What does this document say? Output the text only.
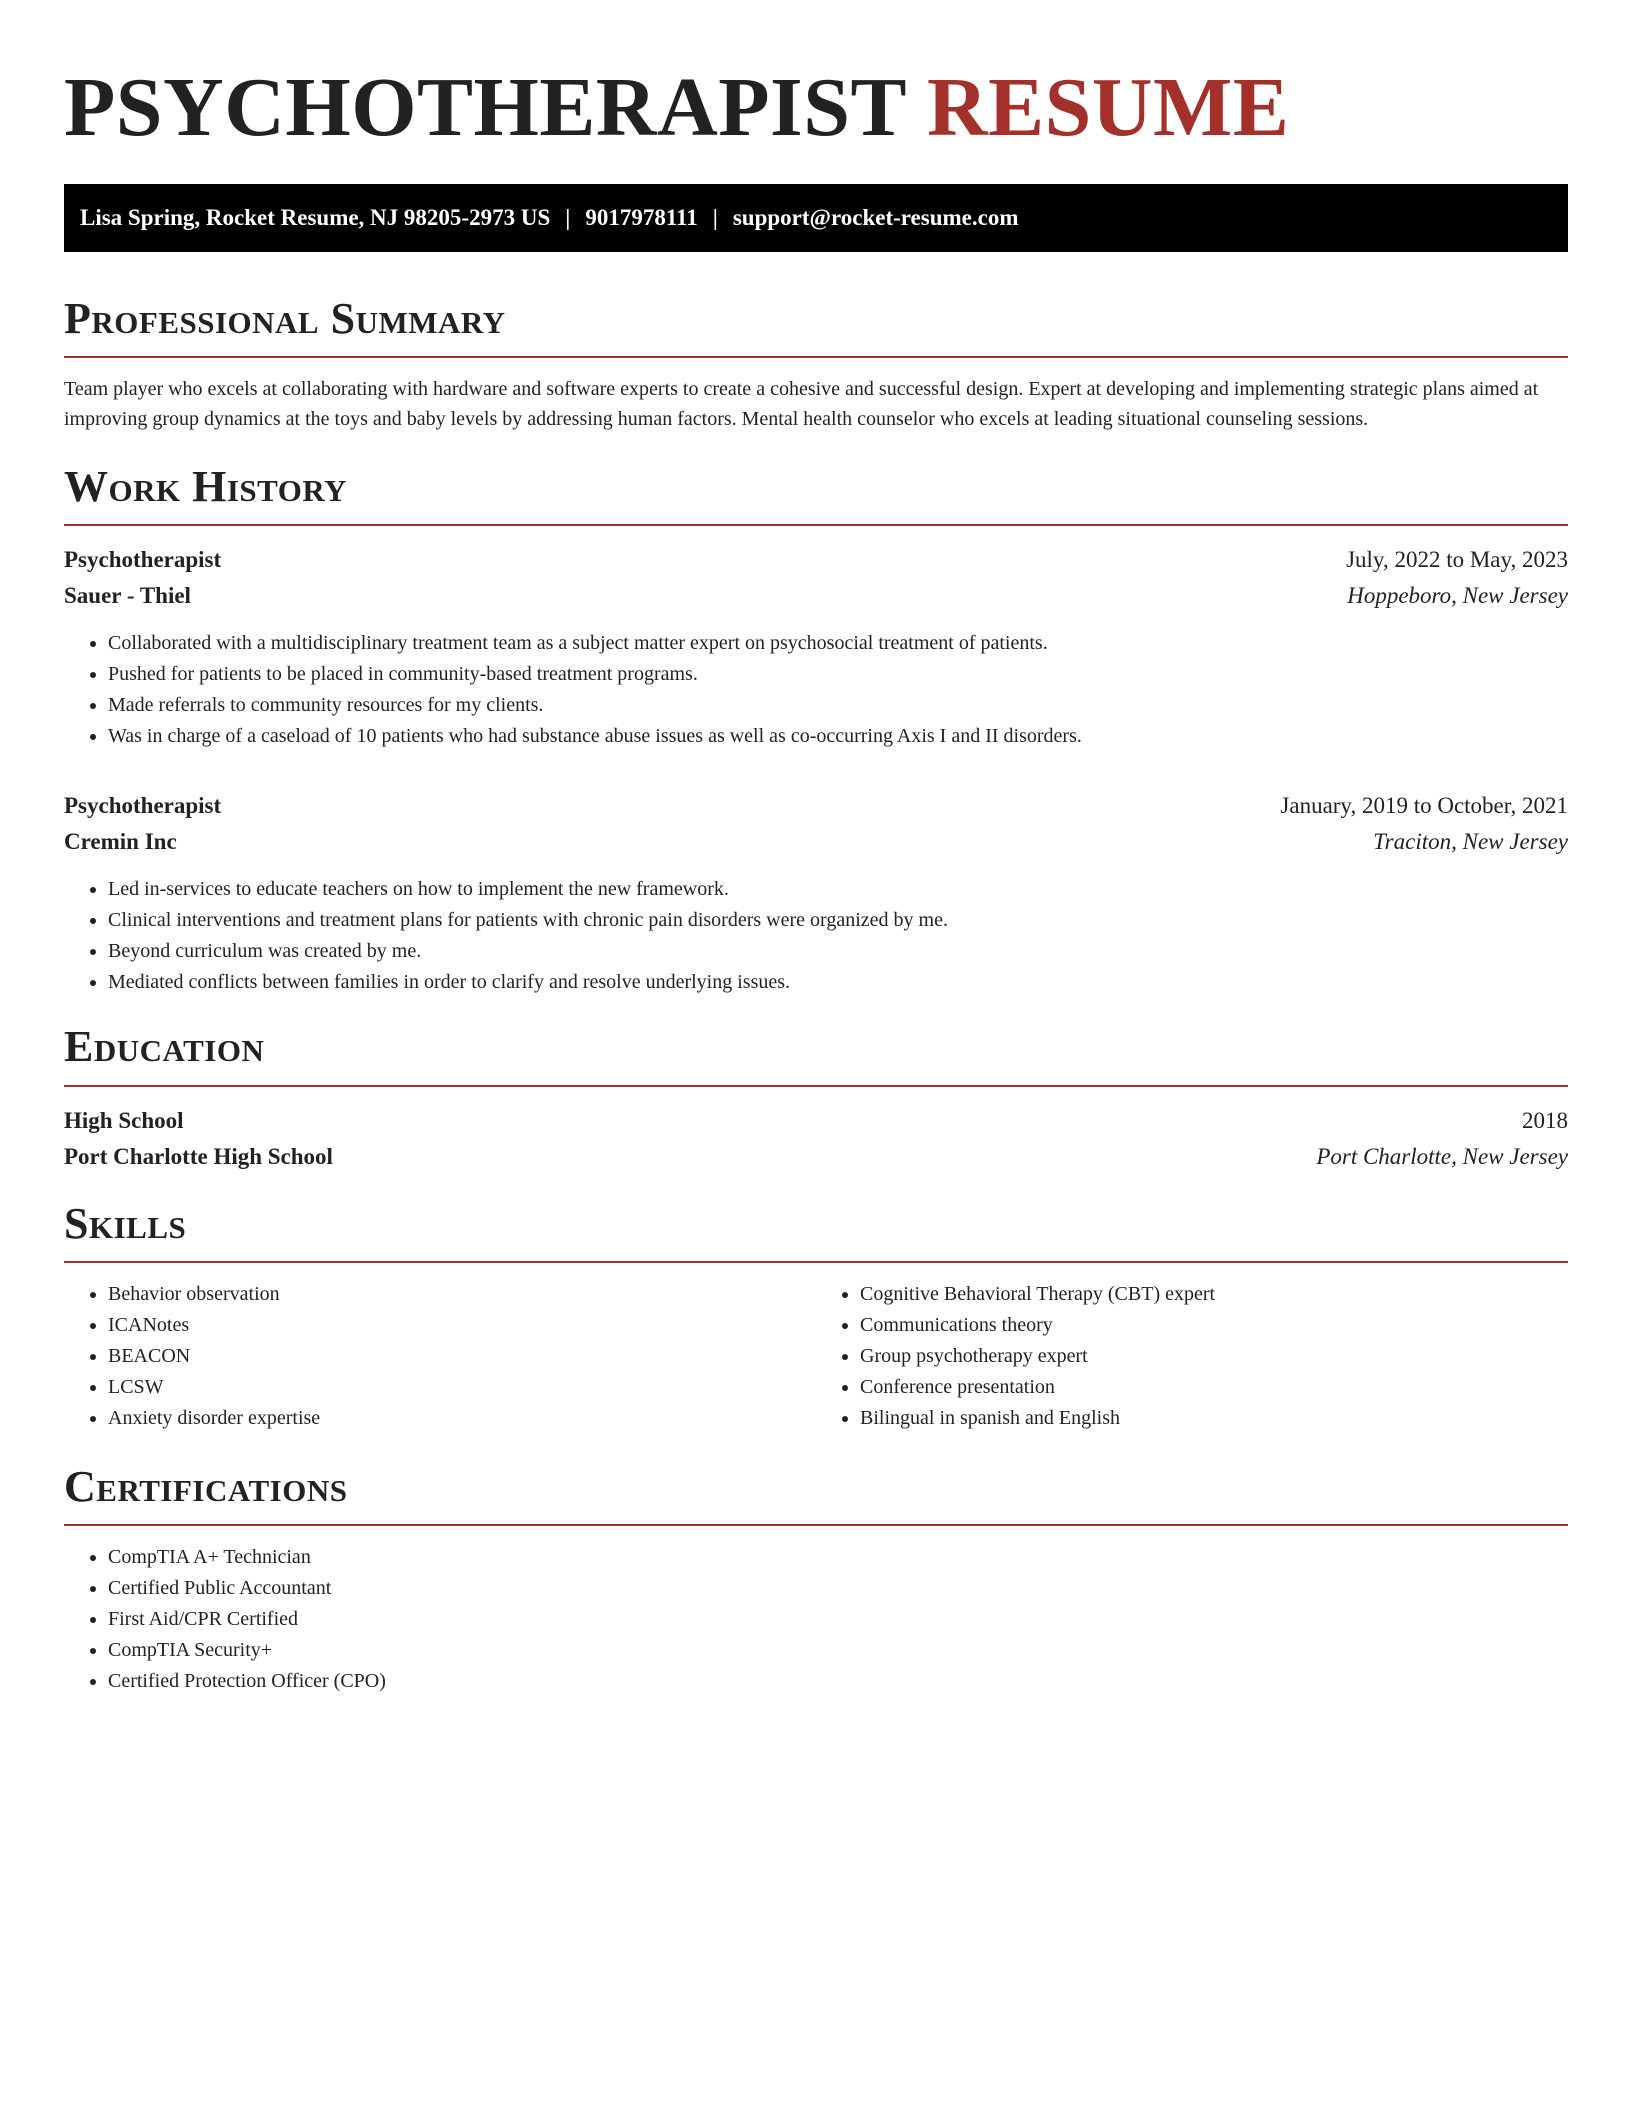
PSYCHOTHERAPIST RESUME
Lisa Spring, Rocket Resume, NJ 98205-2973 US | 9017978111 | support@rocket-resume.com
Professional Summary

Team player who excels at collaborating with hardware and software experts to create a cohesive and successful design. Expert at developing and implementing strategic plans aimed at improving group dynamics at the toys and baby levels by addressing human factors. Mental health counselor who excels at leading situational counseling sessions.

Work History
Psychotherapist	July, 2022 to May, 2023
Sauer - Thiel	Hoppeboro, New Jersey
• Collaborated with a multidisciplinary treatment team as a subject matter expert on psychosocial treatment of patients.
• Pushed for patients to be placed in community-based treatment programs.
• Made referrals to community resources for my clients.
• Was in charge of a caseload of 10 patients who had substance abuse issues as well as co-occurring Axis I and II disorders.
Psychotherapist	January, 2019 to October, 2021
Cremin Inc	Traciton, New Jersey
• Led in-services to educate teachers on how to implement the new framework.
• Clinical interventions and treatment plans for patients with chronic pain disorders were organized by me.
• Beyond curriculum was created by me.
• Mediated conflicts between families in order to clarify and resolve underlying issues.
Education
High School	2018
Port Charlotte High School	Port Charlotte, New Jersey
Skills
• Behavior observation
• ICANotes
• BEACON
• LCSW
• Anxiety disorder expertise
• Cognitive Behavioral Therapy (CBT) expert
• Communications theory
• Group psychotherapy expert
• Conference presentation
• Bilingual in spanish and English
Certifications
• CompTIA A+ Technician
• Certified Public Accountant
• First Aid/CPR Certified
• CompTIA Security+
• Certified Protection Officer (CPO)
